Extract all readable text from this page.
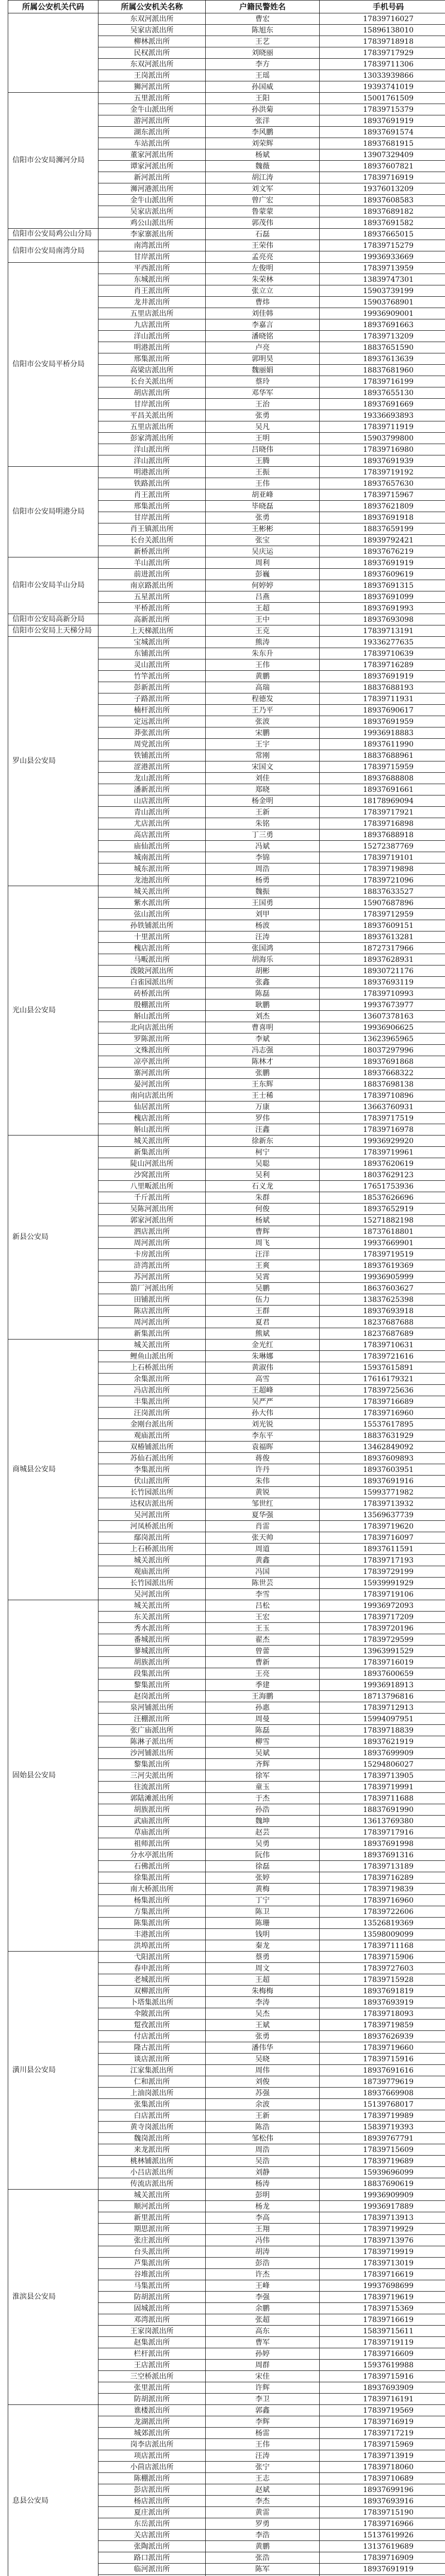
所属公安机关代码	所属公安机关名称	户籍民警姓名	手机号码
	东双河派出所	曹宏	17839716027
	吴家店派出所	陈旭东	15896138010
	柳林派出所	王艺	17839718918
	民权派出所	刘晓丽	17839717929
	东双河派出所	李方	17839711306
	王岗派出所	王瑶	13033939866
	狮河派出所	孙国威	19393741019
信阳市公安局浉河分局	五里派出所	王阳	15001761509
	金牛山派出所	孙洪菊	17839715379
	游河派出所	张洋	18937691919
	湖东派出所	李风鹏	18937691574
	车站派出所	刘荣辉	18937681915
	董家河派出所	杨斌	13907329409
	谭家河派出所	魏薇	18937607821
	新河派出所	胡江涛	17839716919
	浉河港派出所	刘文军	19376013209
	金牛山派出所	曾广宏	18937608583
	吴家店派出所	鲁蒙蒙	18937689182
	鸡公山派出所	郭茂伟	18937691582
信阳市公安局鸡公山分局	李家寨派出所	石磊	18937665015
信阳市公安局南湾分局	南湾派出所	王荣伟	17839715279
	甘岸派出所	孟亮亮	19936933669
信阳市公安局平桥分局	平西派出所	左俊明	17839713959
	东城派出所	朱荣林	13839747301
	肖王派出所	张立立	15903739199
	龙井派出所	曹炜	15903768901
	五里店派出所	刘佳韩	19936909001
	九店派出所	李嘉言	18937691663
	洋山派出所	潘晓铭	17839713209
	明港派出所	卢亮	18837651590
	邢集派出所	郭明昊	18937613639
	高梁店派出所	魏丽娟	18837681960
	长台关派出所	蔡玲	17839716199
	胡店派出所	邓华军	18937655130
	甘岸派出所	王治	18937691669
	平昌关派出所	张勇	19336693893
	五里店派出所	吴凡	17839711919
	彭家湾派出所	王明	15903799800
	洋山派出所	吕晓伟	17839716980
	洋山派出所	王腾	18937691939
信阳市公安局明港分局	明港派出所	王振	17839719192
	铁路派出所	王伟	18937657630
	肖王派出所	胡亚峰	17839715967
	邢集派出所	毕晓磊	18937621809
	甘岸派出所	张勇	18937691918
	肖王镇派出所	王彬彬	18837659199
	长台关派出所	张宝	18939792421
	新桥派出所	吴庆运	18937676219
信阳市公安局羊山分局	羊山派出所	周利	18937691919
	前进派出所	彭巍	18937609619
	南京路派出所	何婷婷	18937691315
	五星派出所	吕燕	18937691099
	平桥派出所	王超	18937691993
信阳市公安局高新分局	高新派出所	王中	18937693098
信阳市公安局上天梯分局	上天梯派出所	王克	17839713191
罗山县公安局	宝城派出所	熊涛	19336277635
	东铺派出所	朱东升	17839710639
	灵山派出所	王伟	17839716289
	竹竿派出所	黄鹏	18937691919
	彭新派出所	高瑞	18837688193
	子路派出所	程德发	17839711931
	楠杆派出所	王乃平	18937690617
	定远派出所	张波	18937691959
	莽张派出所	宋鹏	19936918883
	周党派出所	王宇	18937611990
	铁铺派出所	常刚	18837688961
	涩港派出所	宋国文	17839715959
	龙山派出所	刘佳	18937688808
	潘新派出所	郑晓	18937691661
	山店派出所	杨金明	18178969094
	青山派出所	王新	17839717921
	尤店派出所	朱铭	17839716898
	高店派出所	丁三勇	18937688918
	庙仙派出所	冯斌	15272387769
	城南派出所	李锦	17839719101
	城东派出所	周浩	17839719898
	龙池派出所	杨勇	17839721096
光山县公安局	城关派出所	魏振	18837633527
	紫水派出所	王国勇	15907687896
	弦山派出所	刘甲	17839712959
	孙铁铺派出所	杨波	18937609151
	十里派出所	汪涛	18937613281
	槐店派出所	张国鸿	18727317966
	马畈派出所	胡海乐	18937628931
	泼陂河派出所	胡彬	18930721176
	白雀园派出所	张鑫	18937693119
	砖桥派出所	陈磊	17839710993
	殷棚派出所	耿鹏	19937673977
	斛山派出所	刘杰	13607378163
	北向店派出所	曹喜明	19936906625
	罗陈派出所	李斌	13623965965
	文殊派出所	冯志强	18037297996
	凉亭派出所	陈林才	18937691868
	寨河派出所	张鹏	18937668322
	晏河派出所	王东辉	18837698138
	南向店派出所	王士稀	17839710896
	仙居派出所	万康	13663760931
	槐店派出所	罗伟	17839717519
	斛山派出所	汪鑫	17839716978
新县公安局	城关派出所	徐新东	19936929920
	新集派出所	柯宁	17839719961
	陡山河派出所	吴聪	18937620619
	沙窝派出所	吴利	18037629123
	八里畈派出所	石义龙	17651753936
	千斤派出所	朱群	18537626696
	吴陈河派出所	何俊	18937652919
	郭家河派出所	杨斌	15271882198
	泗店派出所	曹辉	18737618801
	周河派出所	周飞	19937669901
	卡房派出所	汪洋	17839719519
	浒湾派出所	王爽	18937619369
	苏河派出所	吴霄	19936905999
	箭厂河派出所	吴鹏	18637603627
	田铺派出所	伍力	13837625398
	陈店派出所	王群	18937693918
	周河派出所	夏君	18237687688
	新集派出所	熊斌	18237687689
商城县公安局	城关派出所	金光红	17839710631
	鲤鱼山派出所	朱琳娜	17839721616
	上石桥派出所	黄淑伟	15937615891
	余集派出所	高雪	17616179321
	冯店派出所	王超峰	17839725636
	丰集派出所	吴严严	17839716689
	汪岗派出所	孙大伟	17839716960
	金刚台派出所	刘光锐	15537617895
	观庙派出所	李东平	18837631929
	双椿铺派出所	袁福晖	13462849092
	苏仙石派出所	蒋俊	18937609893
	李集派出所	许丹	18937603951
	伏山派出所	朱伟	18937691916
	长竹园派出所	黄锐	15993771982
	达权店派出所	邹世红	17839713932
	吴河派出所	夏华强	13569637739
	河凤桥派出所	肖雷	17839719620
	鄢岗派出所	张天帅	17839716097
	上石桥派出所	周道	18937611591
	城关派出所	黄鑫	17839717193
	观庙派出所	冯国	17839729199
	长竹园派出所	陈世芸	15939991929
	吴河派出所	李雪	17839719106
固始县公安局	城关派出所	吕松	19936972093
	东关派出所	王宏	17839717209
	秀水派出所	王玉	17839720196
	番城派出所	翟杰	17839729599
	蓼城派出所	曾蕾	13963991529
	胡族派出所	曹新	17839716019
	段集派出所	王亮	18937600659
	黎集派出所	季建	19936918913
	赵岗派出所	王海鹏	18713796816
	泉河铺派出所	孙惠	17839712913
	汪棚派出所	周曼	15994097951
	张广庙派出所	陈磊	17839718839
	陈淋子派出所	柳雪	18937621919
	沙河铺派出所	吴斌	18937699909
	黎集派出所	齐辉	15294806027
	三河尖派出所	徐军	17839713905
	往流派出所	童玉	17839719991
	郭陆滩派出所	于杰	17839711688
	胡族派出所	孙浩	18837691990
	武庙派出所	魏坤	13613769380
	草庙派出所	赵芸	17839717916
	祖师派出所	吴勇	18937691998
	分水亭派出所	阮伟	18937691316
	石佛派出所	徐磊	17839713189
	徐集派出所	张婷	17839716289
	南大桥派出所	黄梅	17839719839
	杨集派出所	丁宁	17839716960
	方集派出所	陈卫	17839722606
	陈集派出所	陈珊	13526819369
	丰港派出所	钱明	13598009099
	洪埠派出所	秦龙	17839711168
潢川县公安局	弋阳派出所	蔡勇	17839715906
	春申派出所	周文	17839727603
	老城派出所	王超	17839715928
	双柳派出所	朱梅梅	18937691819
	卜塔集派出所	李涛	18937693919
	伞陂派出所	吴杰	17839718093
	踅孜派出所	王斌	17839719859
	付店派出所	张勇	18937626939
	隆古派出所	潘伟华	17839719660
	谈店派出所	吴晓	17839715916
	江家集派出所	周伟	18937691616
	仁和派出所	刘俊	18739779619
	上油岗派出所	苏强	18937669908
	张集派出所	余波	15139768017
	白店派出所	王新	17839719989
	黄寺岗派出所	陈浩	15839719393
	魏岗派出所	邹松伟	18939767791
	来龙派出所	周浩	17839715609
	桃林铺派出所	吴浩	17839719689
	小吕店派出所	刘静	15939696099
	传流店派出所	杨涛	18837690619
淮滨县公安局	城关派出所	彭明	19936909909
	顺河派出所	杨龙	19936917889
	新里派出所	李高	17839713913
	期思派出所	王翔	17839719929
	张庄派出所	冯伟	17839713976
	台头派出所	胡涛	17839719919
	芦集派出所	彭浩	17839713019
	谷堆派出所	许杰	17839716619
	马集派出所	王峰	19937698699
	防胡派出所	李强	17839719619
	固城派出所	余鹏	17839715369
	邓湾派出所	张超	17839716619
	王家岗派出所	高东	15839715611
	赵集派出所	曹军	17839719119
	栏杆派出所	孙婷	17839716609
	王店派出所	周群	15937619988
	三空桥派出所	宋佳	17839715916
	张里派出所	许辉	18937693909
	防胡派出所	李卫	17839716191
息县公安局	谯楼派出所	郭鑫	17839719569
	龙湖派出所	李辉	17839716919
	城郊派出所	杨雷	17839717219
	岗李店派出所	王伟	17839715969
	项店派出所	汪涛	17839713919
	小茴店派出所	张宁	17839718060
	陈棚派出所	王志	17839710689
	彭店派出所	赵斌	18937699196
	杨店派出所	李杰	18937693916
	夏庄派出所	黄雷	17839715190
	东岳派出所	罗勇	17839716966
	关店派出所	李浩	15137619926
	张陶派出所	黄鹏	13137619689
	路口派出所	张浩	17839716909
	临河派出所	陈军	18937691919
